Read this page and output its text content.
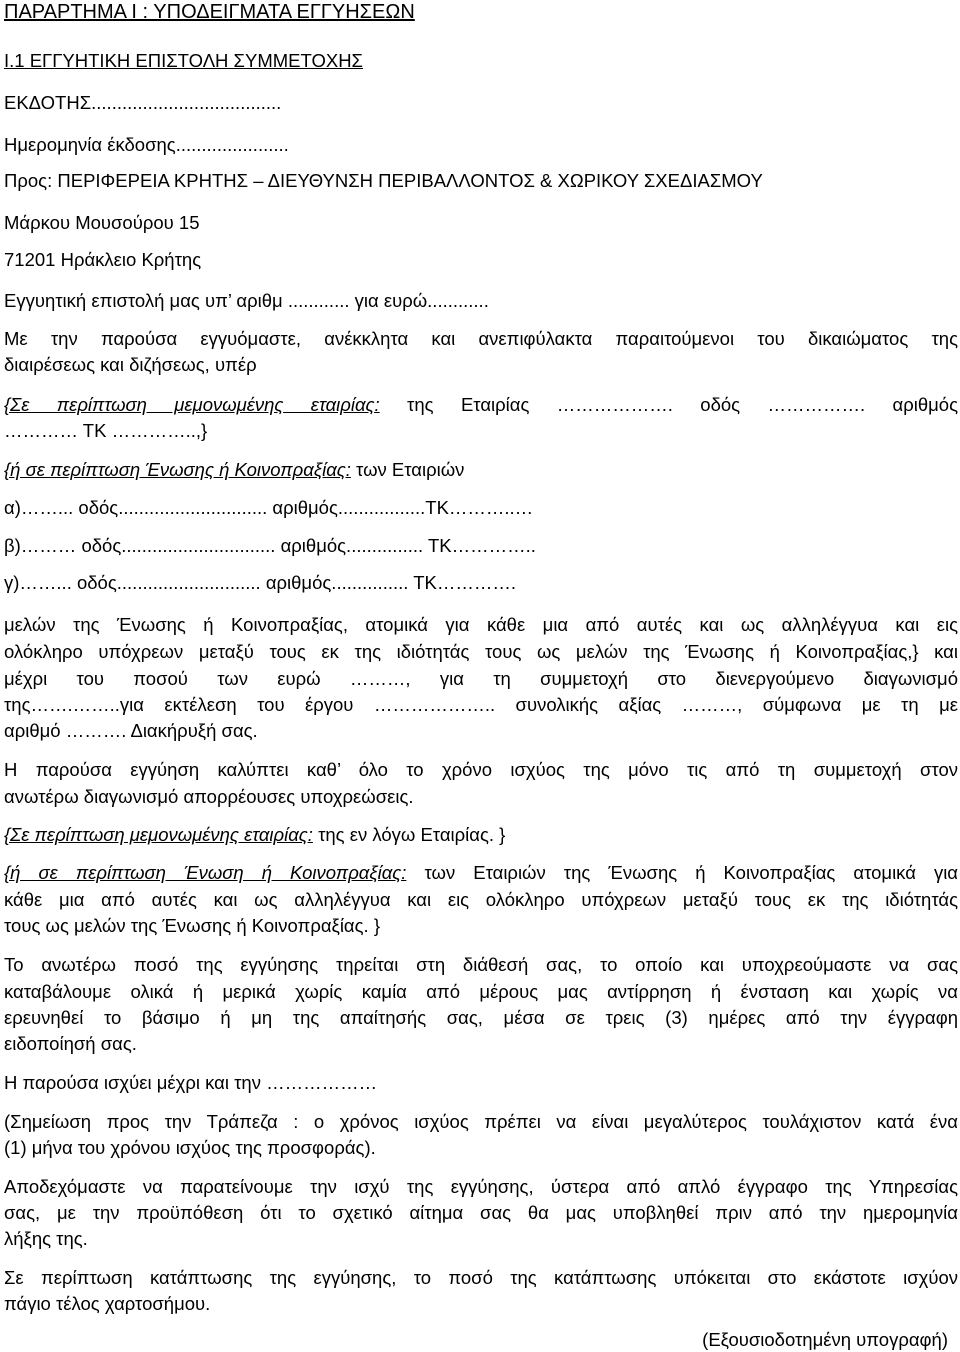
ΠΑΡΑΡΤΗΜΑ Ι : ΥΠΟΔΕΙΓΜΑΤΑ ΕΓΓΥΗΣΕΩΝ
Ι.1 ΕΓΓΥΗΤΙΚΗ ΕΠΙΣΤΟΛΗ ΣΥΜΜΕΤΟΧΗΣ
ΕΚΔΟΤΗΣ.....................................
Ημερομηνία έκδοσης......................
Προς: ΠΕΡΙΦΕΡΕΙΑ ΚΡΗΤΗΣ – ΔΙΕΥΘΥΝΣΗ ΠΕΡΙΒΑΛΛΟΝΤΟΣ & ΧΩΡΙΚΟΥ ΣΧΕΔΙΑΣΜΟΥ
Μάρκου Μουσούρου 15
71201 Ηράκλειο Κρήτης
Εγγυητική επιστολή μας υπ’ αριθμ ............ για ευρώ............
Με την παρούσα εγγυόμαστε, ανέκκλητα και ανεπιφύλακτα παραιτούμενοι του δικαιώματος της
διαιρέσεως και διζήσεως, υπέρ
{Σε περίπτωση μεμονωμένης εταιρίας: της Εταιρίας ………………. οδός ……………. αριθμός
………… ΤΚ …………..,}
{ή σε περίπτωση Ένωσης ή Κοινοπραξίας: των Εταιριών
α)……... οδός............................. αριθμός.................ΤΚ………..…
β)……… οδός.............................. αριθμός............... ΤΚ…………..
γ)……... οδός............................ αριθμός............... ΤΚ………….
μελών της Ένωσης ή Κοινοπραξίας, ατομικά για κάθε μια από αυτές και ως αλληλέγγυα και εις
ολόκληρο υπόχρεων μεταξύ τους εκ της ιδιότητάς τους ως μελών της Ένωσης ή Κοινοπραξίας,} και
μέχρι του ποσού των ευρώ ………, για τη συμμετοχή στο διενεργούμενο διαγωνισμό
της…….……..για εκτέλεση του έργου ……………….. συνολικής αξίας ………, σύμφωνα με τη με
αριθμό ………. Διακήρυξή σας.
Η παρούσα εγγύηση καλύπτει καθ’ όλο το χρόνο ισχύος της μόνο τις από τη συμμετοχή στον
ανωτέρω διαγωνισμό απορρέουσες υποχρεώσεις.
{Σε περίπτωση μεμονωμένης εταιρίας: της εν λόγω Εταιρίας. }
{ή σε περίπτωση Ένωση ή Κοινοπραξίας: των Εταιριών της Ένωσης ή Κοινοπραξίας ατομικά για
κάθε μια από αυτές και ως αλληλέγγυα και εις ολόκληρο υπόχρεων μεταξύ τους εκ της ιδιότητάς
τους ως μελών της Ένωσης ή Κοινοπραξίας. }
Το ανωτέρω ποσό της εγγύησης τηρείται στη διάθεσή σας, το οποίο και υποχρεούμαστε να σας
καταβάλουμε ολικά ή μερικά χωρίς καμία από μέρους μας αντίρρηση ή ένσταση και χωρίς να
ερευνηθεί το βάσιμο ή μη της απαίτησής σας, μέσα σε τρεις (3) ημέρες από την έγγραφη
ειδοποίησή σας.
Η παρούσα ισχύει μέχρι και την ………………
(Σημείωση προς την Τράπεζα : ο χρόνος ισχύος πρέπει να είναι μεγαλύτερος τουλάχιστον κατά ένα
(1) μήνα του χρόνου ισχύος της προσφοράς).
Αποδεχόμαστε να παρατείνουμε την ισχύ της εγγύησης, ύστερα από απλό έγγραφο της Υπηρεσίας
σας, με την προϋπόθεση ότι το σχετικό αίτημα σας θα μας υποβληθεί πριν από την ημερομηνία
λήξης της.
Σε περίπτωση κατάπτωσης της εγγύησης, το ποσό της κατάπτωσης υπόκειται στο εκάστοτε ισχύον
πάγιο τέλος χαρτοσήμου.
(Εξουσιοδοτημένη υπογραφή)
